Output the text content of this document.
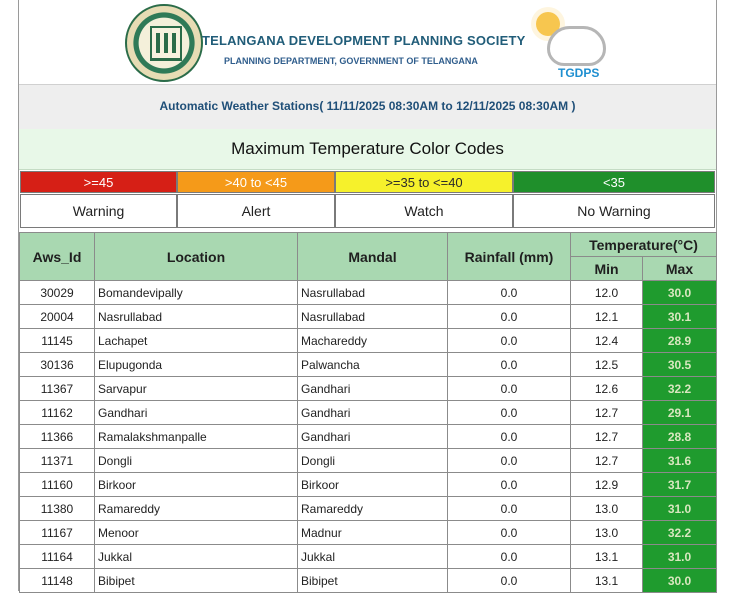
TELANGANA DEVELOPMENT PLANNING SOCIETY
PLANNING DEPARTMENT, GOVERNMENT OF TELANGANA
TGDPS
Automatic Weather Stations( 11/11/2025 08:30AM to 12/11/2025 08:30AM )
Maximum Temperature Color Codes
>=45	>40 to <45	>=35 to <=40	<35
Warning	Alert	Watch	No Warning
Aws_Id	Location	Mandal	Rainfall (mm)	Temperature(°C)	
				Min	Max
30029	Bomandevipally	Nasrullabad	0.0	12.0	30.0
20004	Nasrullabad	Nasrullabad	0.0	12.1	30.1
11145	Lachapet	Machareddy	0.0	12.4	28.9
30136	Elupugonda	Palwancha	0.0	12.5	30.5
11367	Sarvapur	Gandhari	0.0	12.6	32.2
11162	Gandhari	Gandhari	0.0	12.7	29.1
11366	Ramalakshmanpalle	Gandhari	0.0	12.7	28.8
11371	Dongli	Dongli	0.0	12.7	31.6
11160	Birkoor	Birkoor	0.0	12.9	31.7
11380	Ramareddy	Ramareddy	0.0	13.0	31.0
11167	Menoor	Madnur	0.0	13.0	32.2
11164	Jukkal	Jukkal	0.0	13.1	31.0
11148	Bibipet	Bibipet	0.0	13.1	30.0
